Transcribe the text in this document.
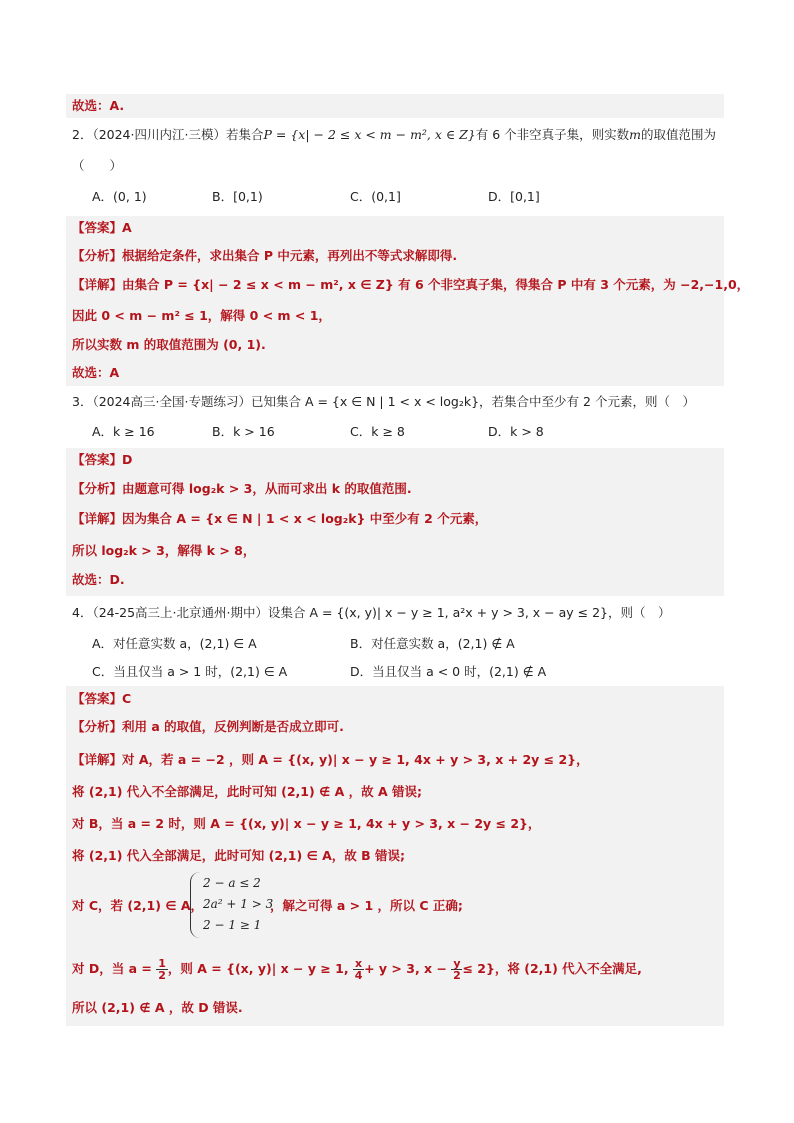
故选：A.
2．（2024·四川内江·三模）若集合P = {x| − 2 ≤ x < m − m², x ∈ Z}有 6 个非空真子集，则实数m的取值范围为
（　　）
A．(0, 1)	B．[0,1)	C．(0,1]	D．[0,1]
【答案】A
【分析】根据给定条件，求出集合 P 中元素，再列出不等式求解即得.
【详解】由集合 P = {x| − 2 ≤ x < m − m², x ∈ Z} 有 6 个非空真子集，得集合 P 中有 3 个元素，为 −2,−1,0，
因此 0 < m − m² ≤ 1，解得 0 < m < 1，
所以实数 m 的取值范围为 (0, 1).
故选：A
3．（2024高三·全国·专题练习）已知集合 A = {x ∈ N | 1 < x < log₂k}，若集合中至少有 2 个元素，则（　）
A．k ≥ 16	B．k > 16	C．k ≥ 8	D．k > 8
【答案】D
【分析】由题意可得 log₂k > 3，从而可求出 k 的取值范围.
【详解】因为集合 A = {x ∈ N | 1 < x < log₂k} 中至少有 2 个元素，
所以 log₂k > 3，解得 k > 8，
故选：D.
4．（24-25高三上·北京通州·期中）设集合 A = {(x, y)| x − y ≥ 1, a²x + y > 3, x − ay ≤ 2}，则（　）
A．对任意实数 a，(2,1) ∈ A	B．对任意实数 a，(2,1) ∉ A
C．当且仅当 a > 1 时，(2,1) ∈ A	D．当且仅当 a < 0 时，(2,1) ∉ A
【答案】C
【分析】利用 a 的取值，反例判断是否成立即可.
【详解】对 A，若 a = −2 ，则 A = {(x, y)| x − y ≥ 1, 4x + y > 3, x + 2y ≤ 2}，
将 (2,1) 代入不全部满足，此时可知 (2,1) ∉ A ，故 A 错误;
对 B，当 a = 2 时，则 A = {(x, y)| x − y ≥ 1, 4x + y > 3, x − 2y ≤ 2}，
将 (2,1) 代入全部满足，此时可知 (2,1) ∈ A，故 B 错误;
对 C，若 (2,1) ∈ A，
2 − a ≤ 2
2a² + 1 > 3
2 − 1 ≥ 1
，解之可得 a > 1 ，所以 C 正确;
对 D，当 $a = \frac{1}{2}$ ，则 A = {(x, y)| x − y ≥ 1, $\frac{x}{4} + y > 3$, $x - \frac{y}{2} \le 2$}，将 (2,1) 代入不全满足,
所以 (2,1) ∉ A ，故 D 错误.
